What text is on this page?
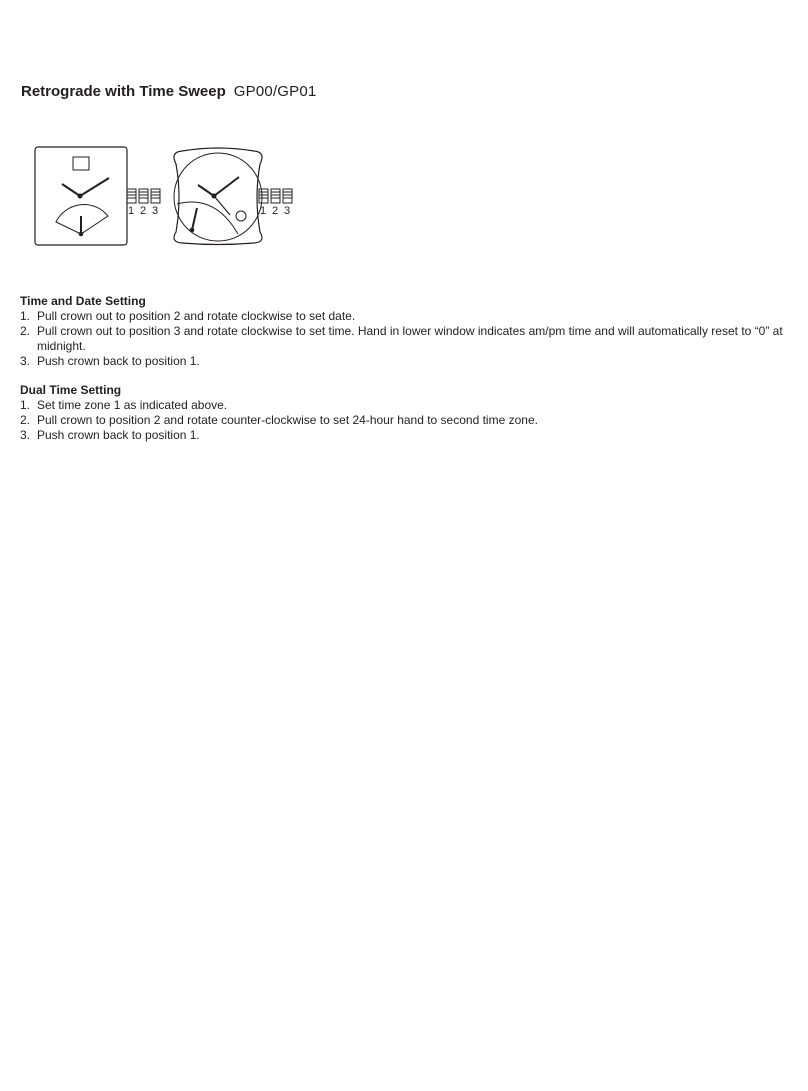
Retrograde with Time Sweep GP00/GP01
1 2 3	1 2 3
Time and Date Setting
1. Pull crown out to position 2 and rotate clockwise to set date.
2. Pull crown out to position 3 and rotate clockwise to set time. Hand in lower window indicates am/pm time and will automatically reset to “0” at midnight.
3. Push crown back to position 1.
Dual Time Setting
1. Set time zone 1 as indicated above.
2. Pull crown to position 2 and rotate counter-clockwise to set 24-hour hand to second time zone.
3. Push crown back to position 1.
